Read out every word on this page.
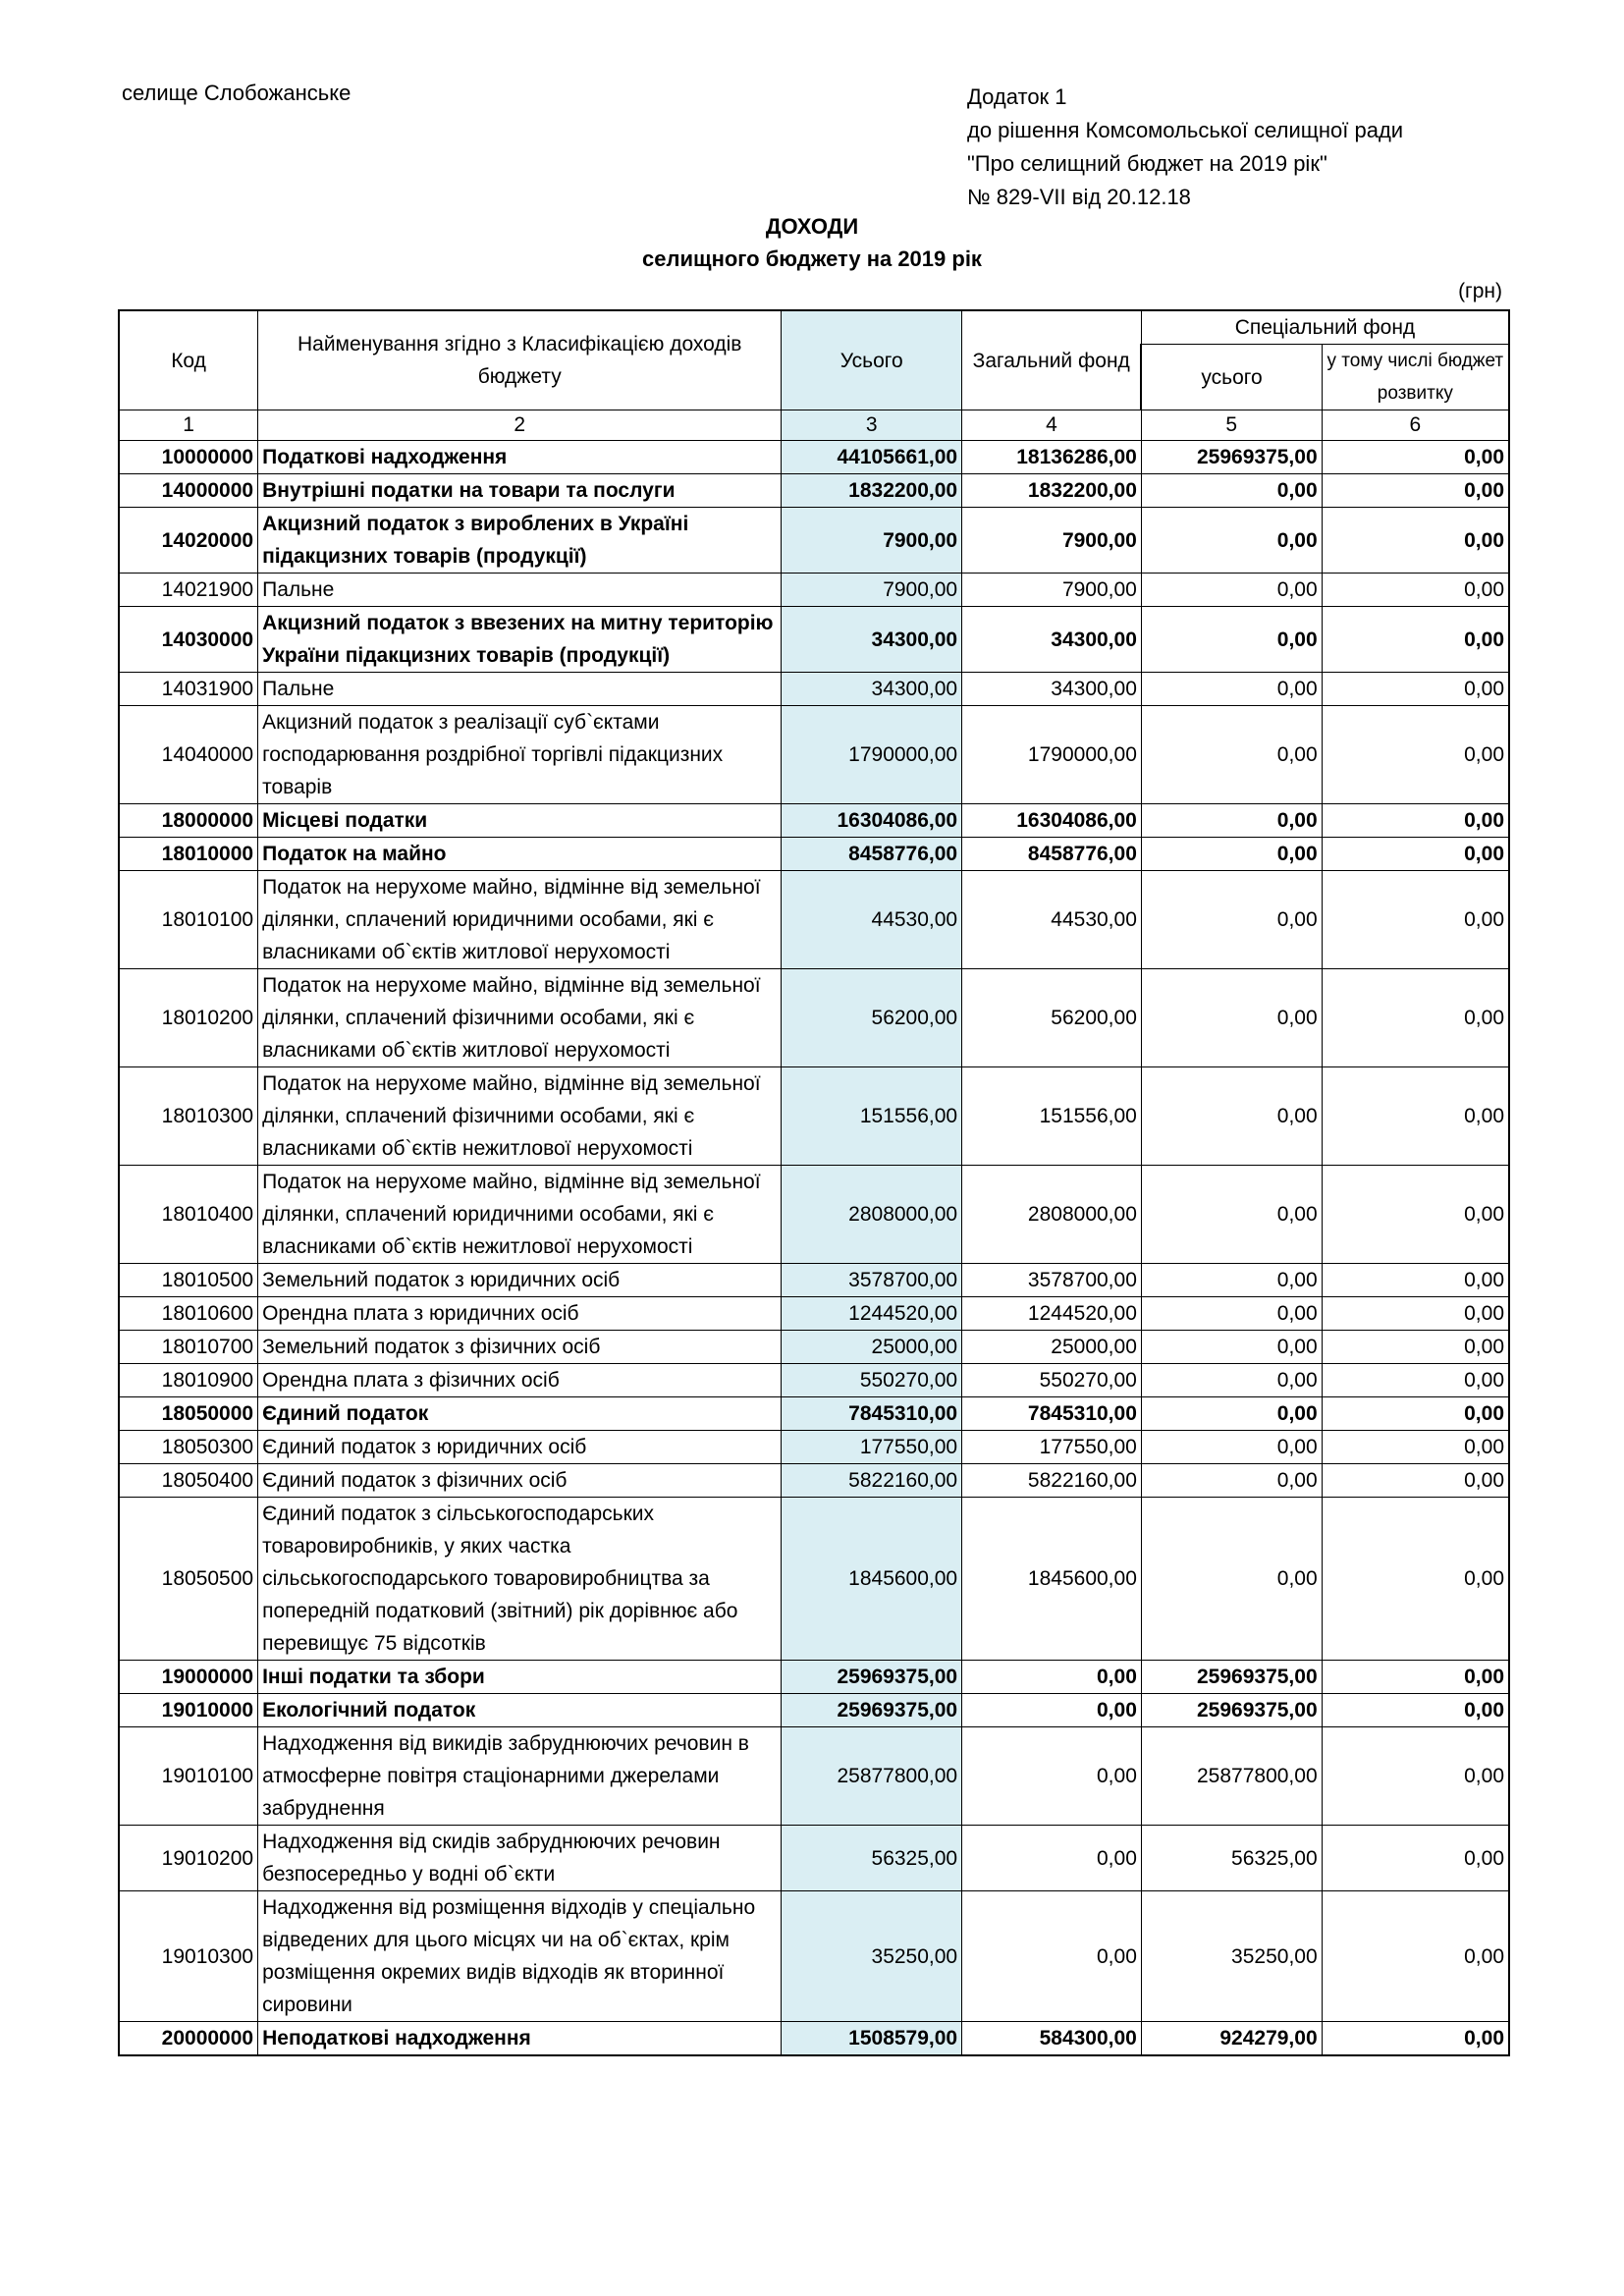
селище Слобожанське	Додаток 1
до рішення Комсомольської селищної ради
"Про селищний бюджет на 2019 рік"
№ 829-VII від 20.12.18
ДОХОДИ
селищного бюджету на 2019 рік
(грн)
Код	Найменування згідно з Класифікацією доходів бюджету	Усього	Загальний фонд	Спеціальний фонд	
				усього	у тому числі бюджет розвитку
1	2	3	4	5	6
10000000	Податкові надходження	44105661,00	18136286,00	25969375,00	0,00
14000000	Внутрішні податки на товари та послуги	1832200,00	1832200,00	0,00	0,00
14020000	Акцизний податок з вироблених в Україні підакцизних товарів (продукції)	7900,00	7900,00	0,00	0,00
14021900	Пальне	7900,00	7900,00	0,00	0,00
14030000	Акцизний податок з ввезених на митну територію України підакцизних товарів (продукції)	34300,00	34300,00	0,00	0,00
14031900	Пальне	34300,00	34300,00	0,00	0,00
14040000	Акцизний податок з реалізації суб`єктами господарювання роздрібної торгівлі підакцизних товарів	1790000,00	1790000,00	0,00	0,00
18000000	Місцеві податки	16304086,00	16304086,00	0,00	0,00
18010000	Податок на майно	8458776,00	8458776,00	0,00	0,00
18010100	Податок на нерухоме майно, відмінне від земельної ділянки, сплачений юридичними особами, які є власниками об`єктів житлової нерухомості	44530,00	44530,00	0,00	0,00
18010200	Податок на нерухоме майно, відмінне від земельної ділянки, сплачений фізичними особами, які є власниками об`єктів житлової нерухомості	56200,00	56200,00	0,00	0,00
18010300	Податок на нерухоме майно, відмінне від земельної ділянки, сплачений фізичними особами, які є власниками об`єктів нежитлової нерухомості	151556,00	151556,00	0,00	0,00
18010400	Податок на нерухоме майно, відмінне від земельної ділянки, сплачений юридичними особами, які є власниками об`єктів нежитлової нерухомості	2808000,00	2808000,00	0,00	0,00
18010500	Земельний податок з юридичних осіб	3578700,00	3578700,00	0,00	0,00
18010600	Орендна плата з юридичних осіб	1244520,00	1244520,00	0,00	0,00
18010700	Земельний податок з фізичних осіб	25000,00	25000,00	0,00	0,00
18010900	Орендна плата з фізичних осіб	550270,00	550270,00	0,00	0,00
18050000	Єдиний податок	7845310,00	7845310,00	0,00	0,00
18050300	Єдиний податок з юридичних осіб	177550,00	177550,00	0,00	0,00
18050400	Єдиний податок з фізичних осіб	5822160,00	5822160,00	0,00	0,00
18050500	Єдиний податок з сільськогосподарських товаровиробників, у яких частка сільськогосподарського товаровиробництва за попередній податковий (звітний) рік дорівнює або перевищує 75 відсотків	1845600,00	1845600,00	0,00	0,00
19000000	Інші податки та збори	25969375,00	0,00	25969375,00	0,00
19010000	Екологічний податок	25969375,00	0,00	25969375,00	0,00
19010100	Надходження від викидів забруднюючих речовин в атмосферне повітря стаціонарними джерелами забруднення	25877800,00	0,00	25877800,00	0,00
19010200	Надходження від скидів забруднюючих речовин безпосередньо у водні об`єкти	56325,00	0,00	56325,00	0,00
19010300	Надходження від розміщення відходів у спеціально відведених для цього місцях чи на об`єктах, крім розміщення окремих видів відходів як вторинної сировини	35250,00	0,00	35250,00	0,00
20000000	Неподаткові надходження	1508579,00	584300,00	924279,00	0,00
